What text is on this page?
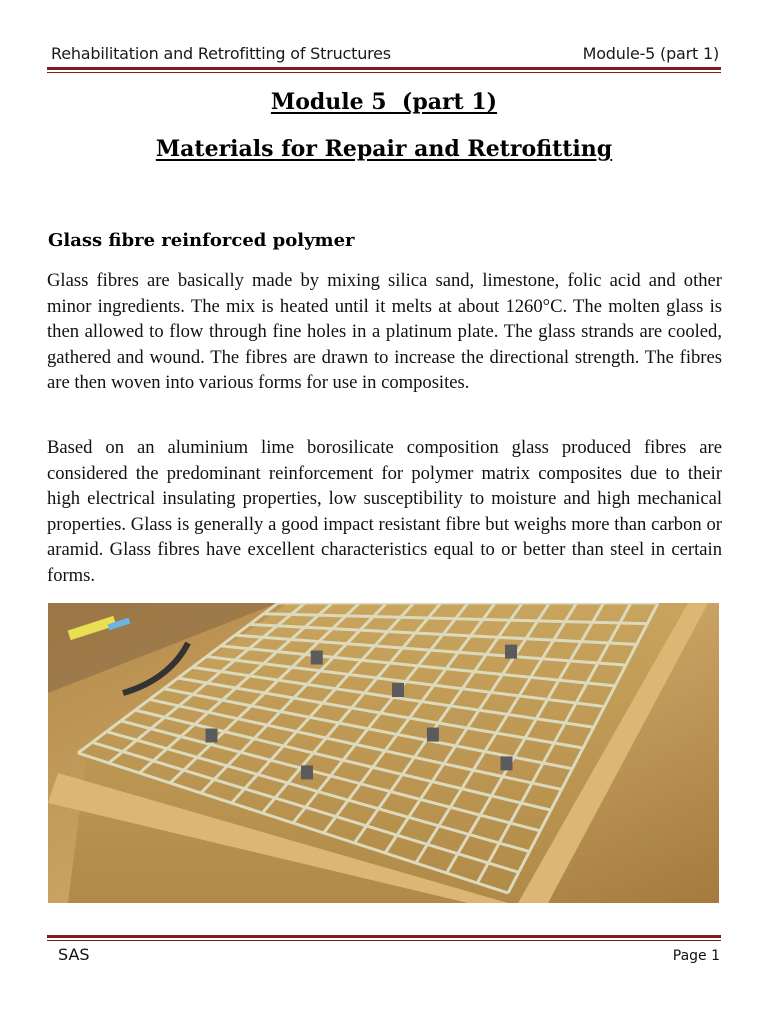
Rehabilitation and Retrofitting of Structures	Module-5 (part 1)
Module 5  (part 1)
Materials for Repair and Retrofitting
Glass fibre reinforced polymer

Glass fibres are basically made by mixing silica sand, limestone, folic acid and other minor ingredients. The mix is heated until it melts at about 1260°C. The molten glass is then allowed to flow through fine holes in a platinum plate. The glass strands are cooled, gathered and wound. The fibres are drawn to increase the directional strength. The fibres are then woven into various forms for use in composites.

Based on an aluminium lime borosilicate composition glass produced fibres are considered the predominant reinforcement for polymer matrix composites due to their high electrical insulating properties, low susceptibility to moisture and high mechanical properties. Glass is generally a good impact resistant fibre but weighs more than carbon or aramid. Glass fibres have excellent characteristics equal to or better than steel in certain forms.

SAS	Page 1
